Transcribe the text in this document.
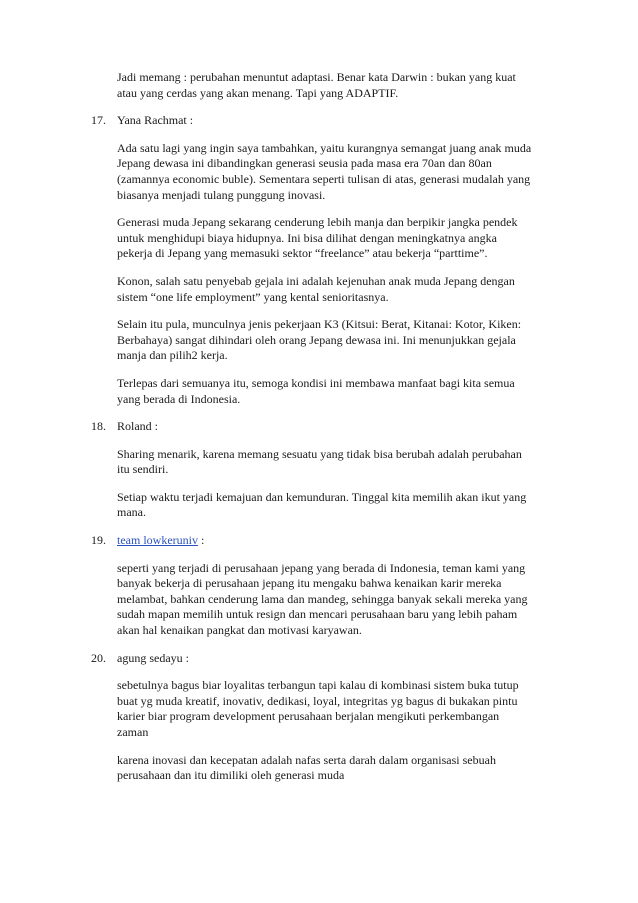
Jadi memang : perubahan menuntut adaptasi. Benar kata Darwin : bukan yang kuat

atau yang cerdas yang akan menang. Tapi yang ADAPTIF.

17. Yana Rachmat :

Ada satu lagi yang ingin saya tambahkan, yaitu kurangnya semangat juang anak muda

Jepang dewasa ini dibandingkan generasi seusia pada masa era 70an dan 80an

(zamannya economic buble). Sementara seperti tulisan di atas, generasi mudalah yang

biasanya menjadi tulang punggung inovasi.

Generasi muda Jepang sekarang cenderung lebih manja dan berpikir jangka pendek

untuk menghidupi biaya hidupnya. Ini bisa dilihat dengan meningkatnya angka

pekerja di Jepang yang memasuki sektor “freelance” atau bekerja “parttime”.

Konon, salah satu penyebab gejala ini adalah kejenuhan anak muda Jepang dengan

sistem “one life employment” yang kental senioritasnya.

Selain itu pula, munculnya jenis pekerjaan K3 (Kitsui: Berat, Kitanai: Kotor, Kiken:

Berbahaya) sangat dihindari oleh orang Jepang dewasa ini. Ini menunjukkan gejala

manja dan pilih2 kerja.

Terlepas dari semuanya itu, semoga kondisi ini membawa manfaat bagi kita semua

yang berada di Indonesia.

18. Roland :

Sharing menarik, karena memang sesuatu yang tidak bisa berubah adalah perubahan

itu sendiri.

Setiap waktu terjadi kemajuan dan kemunduran. Tinggal kita memilih akan ikut yang

mana.

19. team lowkeruniv :

seperti yang terjadi di perusahaan jepang yang berada di Indonesia, teman kami yang

banyak bekerja di perusahaan jepang itu mengaku bahwa kenaikan karir mereka

melambat, bahkan cenderung lama dan mandeg, sehingga banyak sekali mereka yang

sudah mapan memilih untuk resign dan mencari perusahaan baru yang lebih paham

akan hal kenaikan pangkat dan motivasi karyawan.

20. agung sedayu :

sebetulnya bagus biar loyalitas terbangun tapi kalau di kombinasi sistem buka tutup

buat yg muda kreatif, inovativ, dedikasi, loyal, integritas yg bagus di bukakan pintu

karier biar program development perusahaan berjalan mengikuti perkembangan

zaman

karena inovasi dan kecepatan adalah nafas serta darah dalam organisasi sebuah

perusahaan dan itu dimiliki oleh generasi muda
